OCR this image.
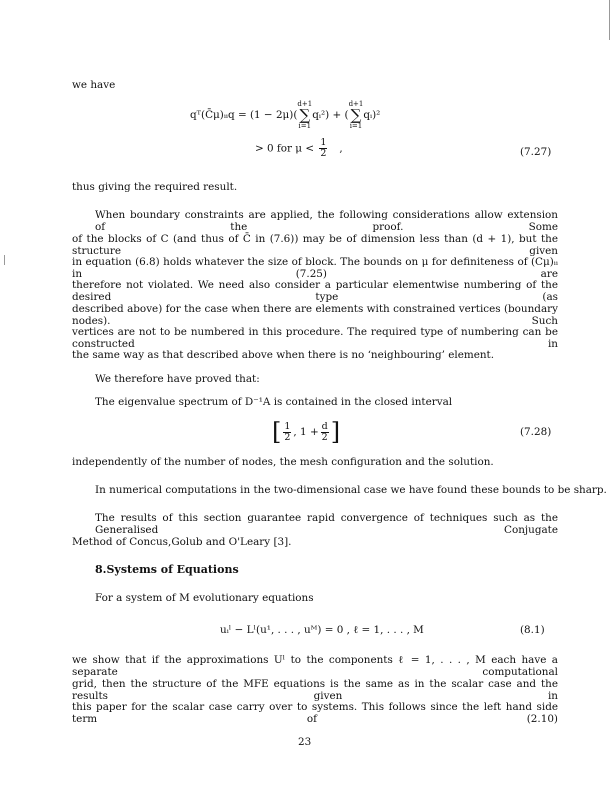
we have
qᵀ(C̄μ)ᵢᵢq = (1 − 2μ)(d+1
∑
i=1qᵢ²) + (d+1
∑
i=1qᵢ)²
> 0 for $\mu < \frac{1}{2}$ ,	(7.27)
thus giving the required result.
When boundary constraints are applied, the following considerations allow extension of the proof. Some
of the blocks of C (and thus of C̄ in (7.6)) may be of dimension less than (d + 1), but the structure given
in equation (6.8) holds whatever the size of block. The bounds on μ for definiteness of (Cμ)ᵢᵢ in (7.25) are
therefore not violated. We need also consider a particular elementwise numbering of the desired type (as
described above) for the case when there are elements with constrained vertices (boundary nodes). Such
vertices are not to be numbered in this procedure. The required type of numbering can be constructed in
the same way as that described above when there is no ‘neighbouring’ element.
We therefore have proved that:
The eigenvalue spectrum of D⁻¹A is contained in the closed interval
[ $\frac{1}{2}$ , $1 + \frac{d}{2}$ ]	(7.28)
independently of the number of nodes, the mesh configuration and the solution.
In numerical computations in the two-dimensional case we have found these bounds to be sharp.
The results of this section guarantee rapid convergence of techniques such as the Generalised Conjugate
Method of Concus,Golub and O'Leary [3].
8.Systems of Equations
For a system of M evolutionary equations
uᵢˡ − Lˡ(u¹, . . . , uᴹ) = 0 , ℓ = 1, . . . , M	(8.1)
we show that if the approximations Uˡ to the components ℓ = 1, . . . , M each have a separate computational
grid, then the structure of the MFE equations is the same as in the scalar case and the results given in
this paper for the scalar case carry over to systems. This follows since the left hand side term of (2.10)
23
